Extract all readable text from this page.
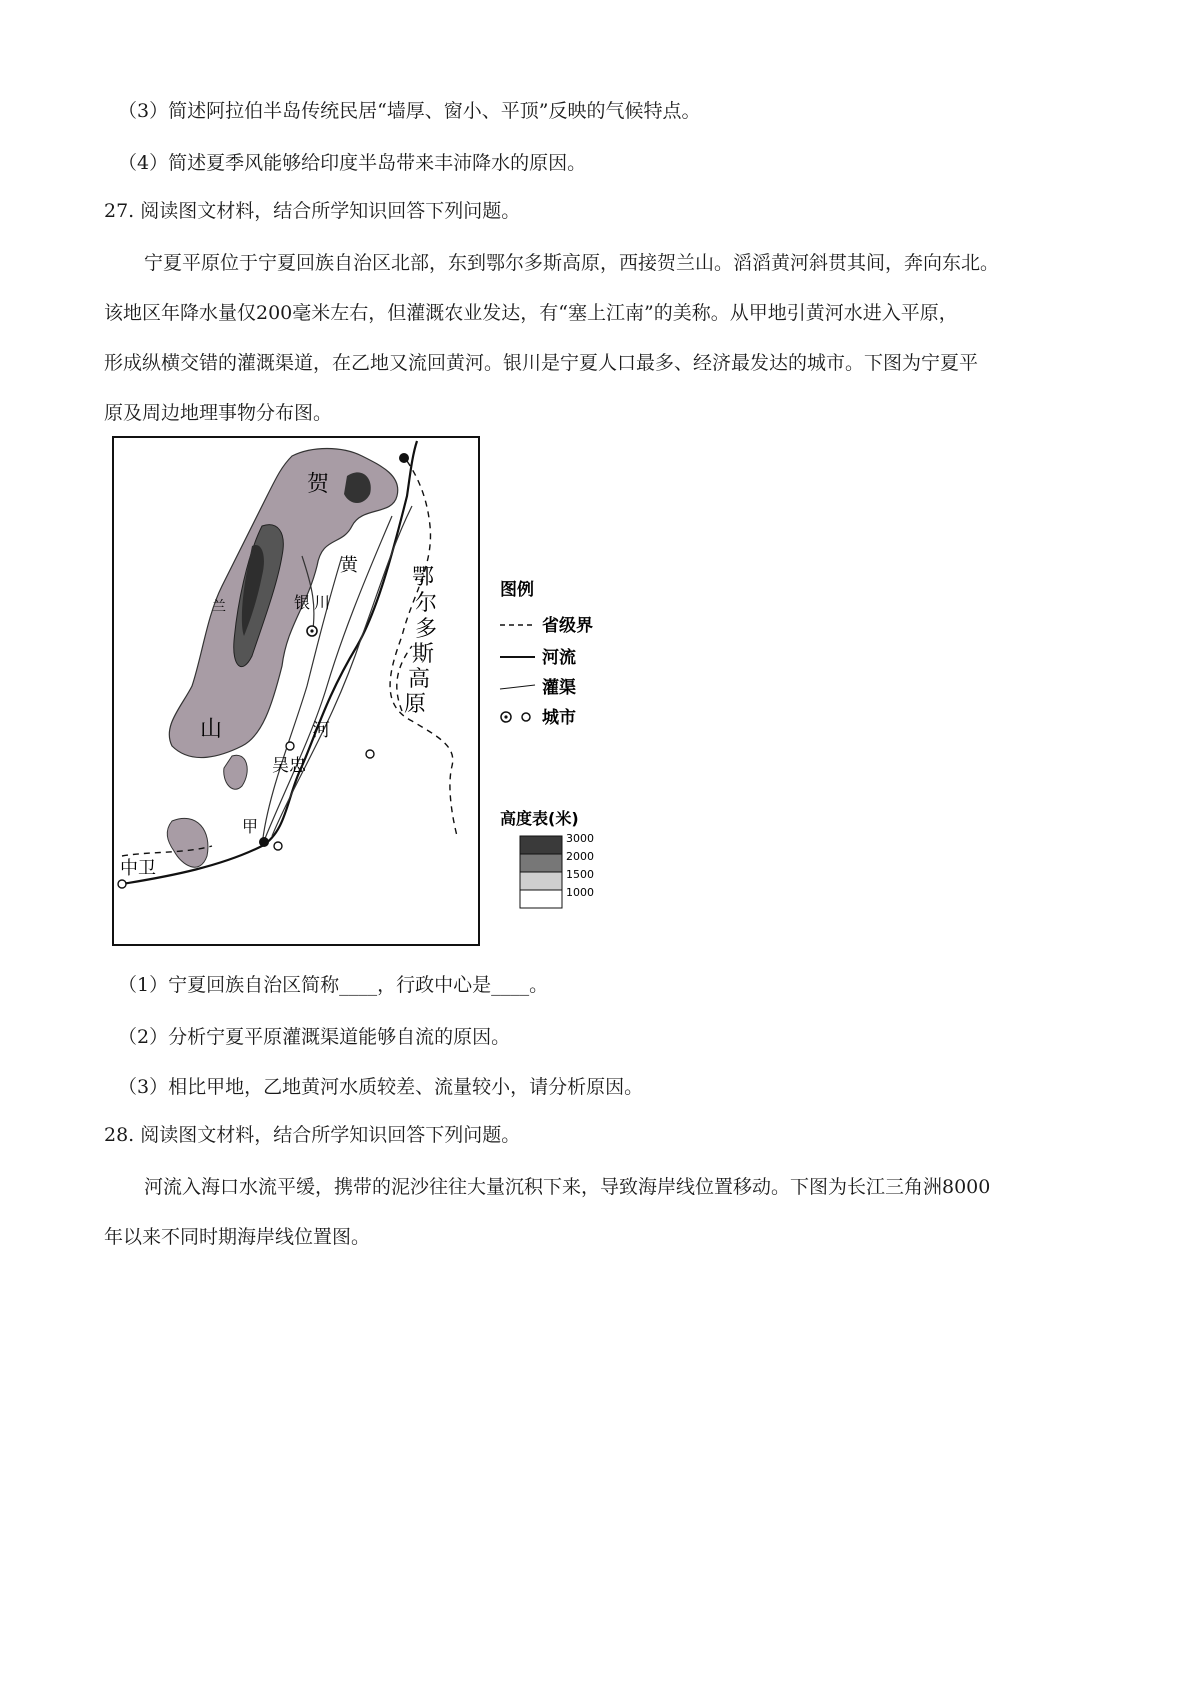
（3）简述阿拉伯半岛传统民居“墙厚、窗小、平顶”反映的气候特点。
（4）简述夏季风能够给印度半岛带来丰沛降水的原因。
27. 阅读图文材料，结合所学知识回答下列问题。
宁夏平原位于宁夏回族自治区北部，东到鄂尔多斯高原，西接贺兰山。滔滔黄河斜贯其间，奔向东北。
该地区年降水量仅200毫米左右，但灌溉农业发达，有“塞上江南”的美称。从甲地引黄河水进入平原，
形成纵横交错的灌溉渠道，在乙地又流回黄河。银川是宁夏人口最多、经济最发达的城市。下图为宁夏平
原及周边地理事物分布图。
贺
兰
山
黄
河
银 川
鄂
尔
多
斯
高
原
吴忠
甲
中卫
图例
省级界
河流
灌渠
城市
高度表(米)
3000
2000
1500
1000
（1）宁夏回族自治区简称____，行政中心是____。
（2）分析宁夏平原灌溉渠道能够自流的原因。
（3）相比甲地，乙地黄河水质较差、流量较小，请分析原因。
28. 阅读图文材料，结合所学知识回答下列问题。
河流入海口水流平缓，携带的泥沙往往大量沉积下来，导致海岸线位置移动。下图为长江三角洲8000
年以来不同时期海岸线位置图。
